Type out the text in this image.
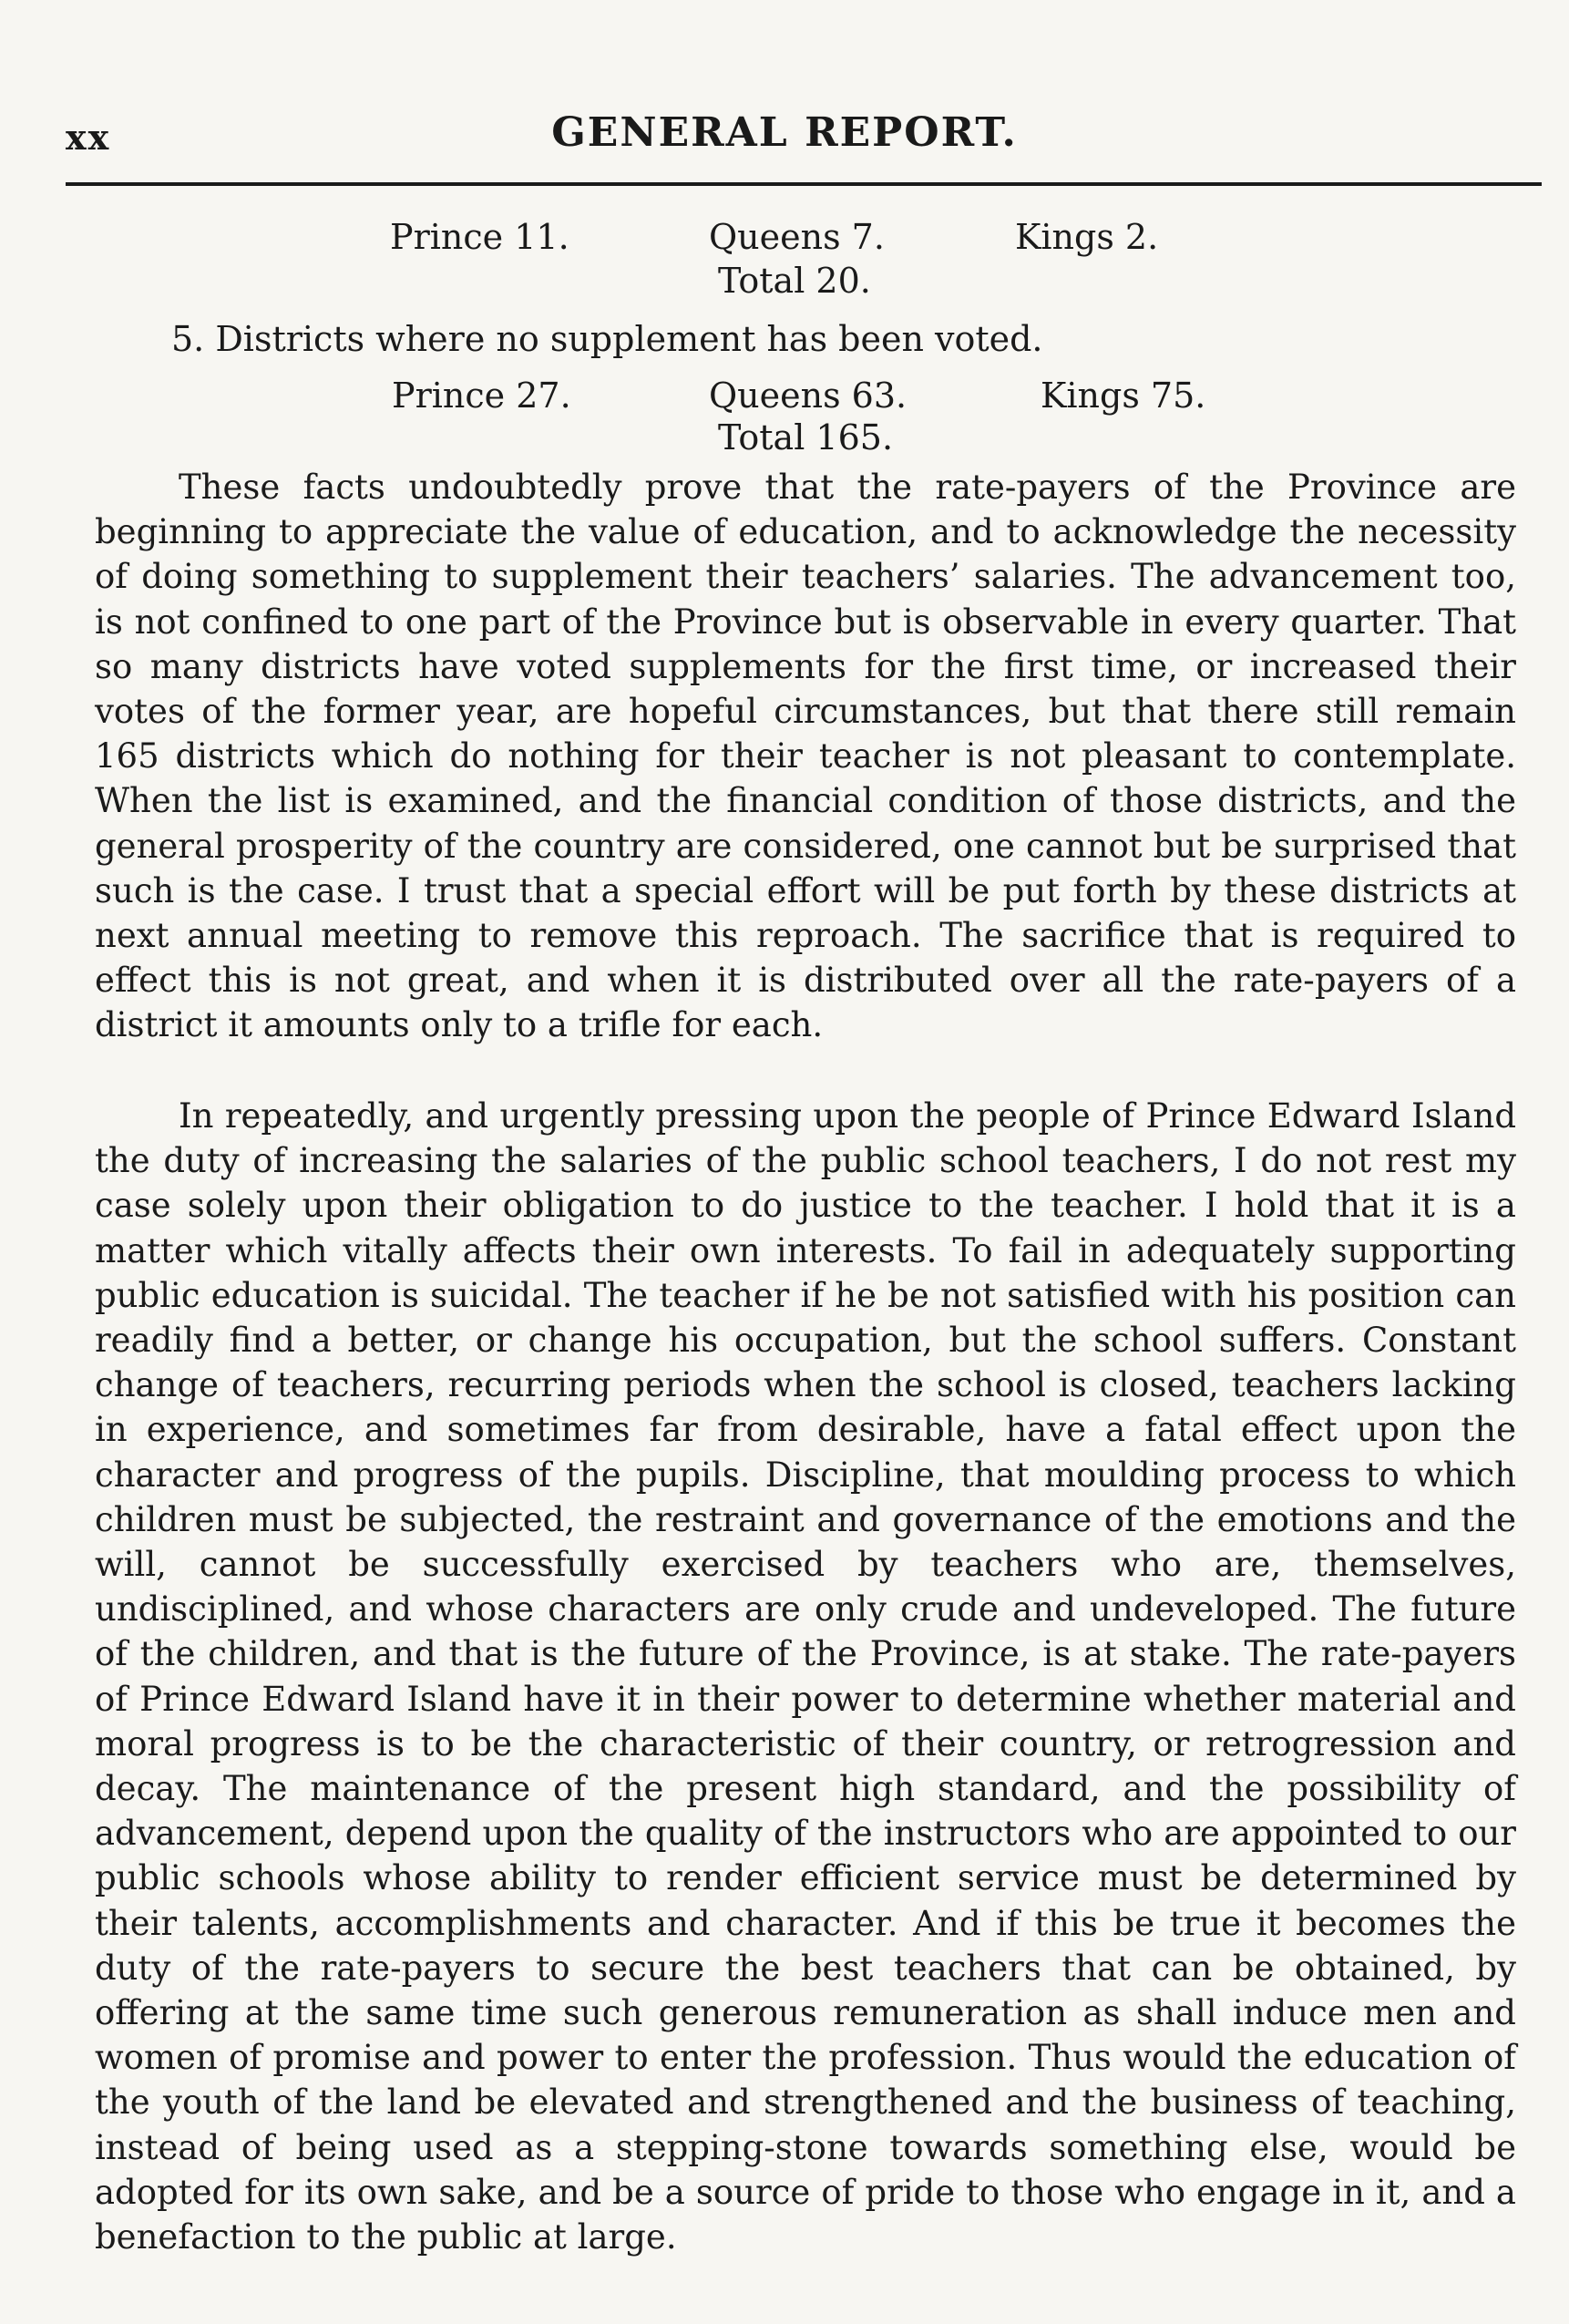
xx	GENERAL REPORT.
Prince 11.	Queens 7.	Kings 2.
Total 20.
5. Districts where no supplement has been voted.
Prince 27.	Queens 63.	Kings 75.
Total 165.

These facts undoubtedly prove that the rate-payers of the Province are beginning to appreciate the value of education, and to acknowledge the necessity of doing something to supplement their teachers’ salaries. The advancement too, is not confined to one part of the Province but is observable in every quarter. That so many districts have voted supplements for the first time, or increased their votes of the former year, are hopeful circumstances, but that there still remain 165 districts which do nothing for their teacher is not pleasant to contemplate. When the list is examined, and the financial condition of those districts, and the general prosperity of the country are considered, one cannot but be surprised that such is the case. I trust that a special effort will be put forth by these districts at next annual meeting to remove this reproach. The sacrifice that is required to effect this is not great, and when it is distributed over all the rate-payers of a district it amounts only to a trifle for each.

In repeatedly, and urgently pressing upon the people of Prince Edward Island the duty of increasing the salaries of the public school teachers, I do not rest my case solely upon their obligation to do justice to the teacher. I hold that it is a matter which vitally affects their own interests. To fail in adequately supporting public education is suicidal. The teacher if he be not satisfied with his position can readily find a better, or change his occupation, but the school suffers. Constant change of teachers, recurring periods when the school is closed, teachers lacking in experience, and sometimes far from desirable, have a fatal effect upon the character and progress of the pupils. Discipline, that moulding process to which children must be subjected, the restraint and governance of the emotions and the will, cannot be successfully exercised by teachers who are, themselves, undisciplined, and whose characters are only crude and undeveloped. The future of the children, and that is the future of the Province, is at stake. The rate-payers of Prince Edward Island have it in their power to determine whether material and moral progress is to be the characteristic of their country, or retrogression and decay. The maintenance of the present high standard, and the possibility of advancement, depend upon the quality of the instructors who are appointed to our public schools whose ability to render efficient service must be determined by their talents, accomplishments and character. And if this be true it becomes the duty of the rate-payers to secure the best teachers that can be obtained, by offering at the same time such generous remuneration as shall induce men and women of promise and power to enter the profession. Thus would the education of the youth of the land be elevated and strengthened and the business of teaching, instead of being used as a stepping-stone towards something else, would be adopted for its own sake, and be a source of pride to those who engage in it, and a benefaction to the public at large.
